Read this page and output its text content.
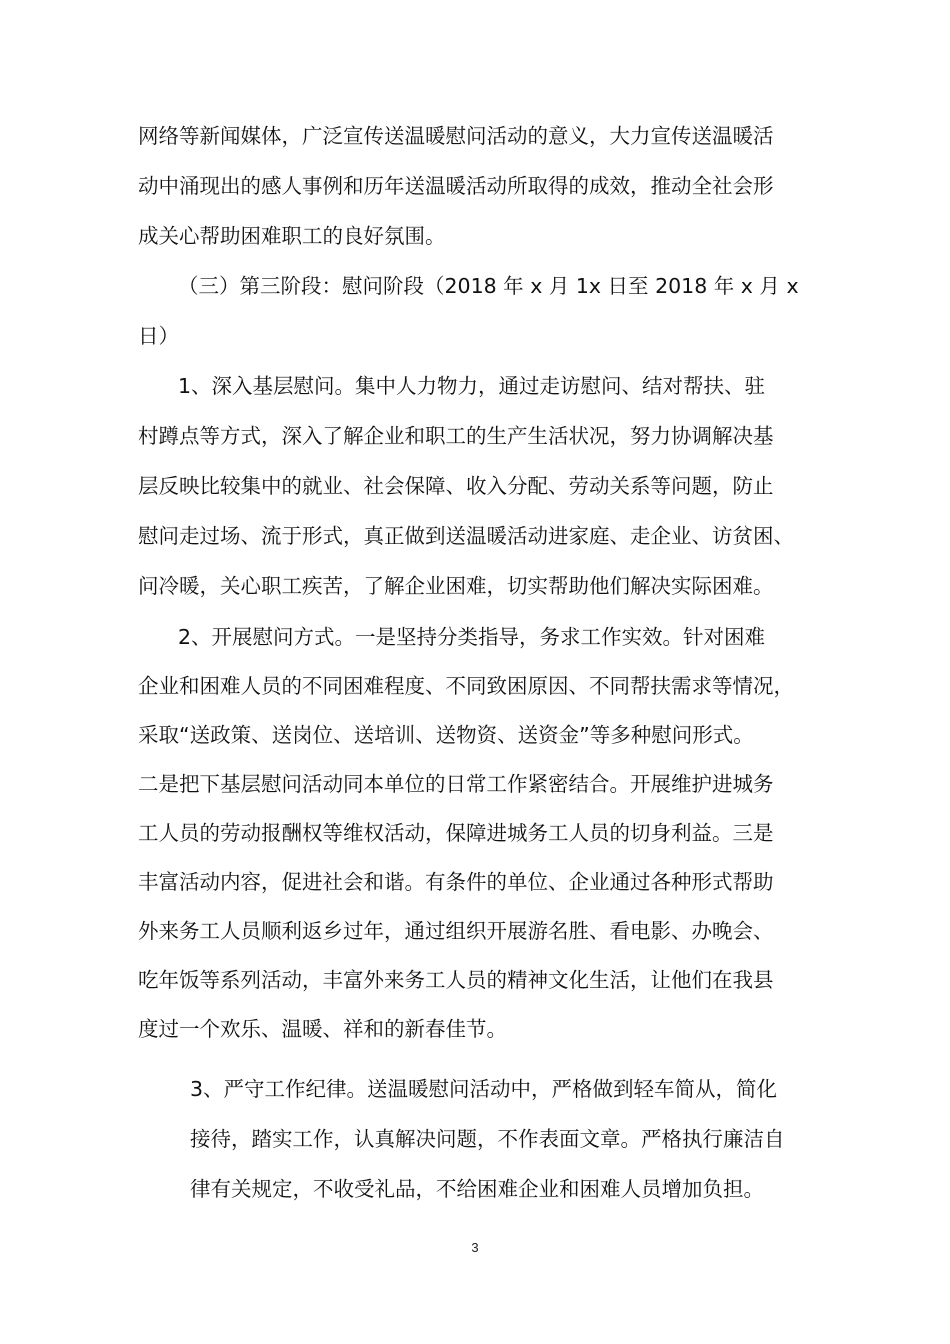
网络等新闻媒体，广泛宣传送温暖慰问活动的意义，大力宣传送温暖活
动中涌现出的感人事例和历年送温暖活动所取得的成效，推动全社会形
成关心帮助困难职工的良好氛围。
（三）第三阶段：慰问阶段（2018 年 x 月 1x 日至 2018 年 x 月 x
日）
1、深入基层慰问。集中人力物力，通过走访慰问、结对帮扶、驻
村蹲点等方式，深入了解企业和职工的生产生活状况，努力协调解决基
层反映比较集中的就业、社会保障、收入分配、劳动关系等问题，防止
慰问走过场、流于形式，真正做到送温暖活动进家庭、走企业、访贫困、
问冷暖，关心职工疾苦，了解企业困难，切实帮助他们解决实际困难。
2、开展慰问方式。一是坚持分类指导，务求工作实效。针对困难
企业和困难人员的不同困难程度、不同致困原因、不同帮扶需求等情况，
采取“送政策、送岗位、送培训、送物资、送资金”等多种慰问形式。
二是把下基层慰问活动同本单位的日常工作紧密结合。开展维护进城务
工人员的劳动报酬权等维权活动，保障进城务工人员的切身利益。三是
丰富活动内容，促进社会和谐。有条件的单位、企业通过各种形式帮助
外来务工人员顺利返乡过年，通过组织开展游名胜、看电影、办晚会、
吃年饭等系列活动，丰富外来务工人员的精神文化生活，让他们在我县
度过一个欢乐、温暖、祥和的新春佳节。
3、严守工作纪律。送温暖慰问活动中，严格做到轻车简从，简化
接待，踏实工作，认真解决问题，不作表面文章。严格执行廉洁自
律有关规定，不收受礼品，不给困难企业和困难人员增加负担。
3
